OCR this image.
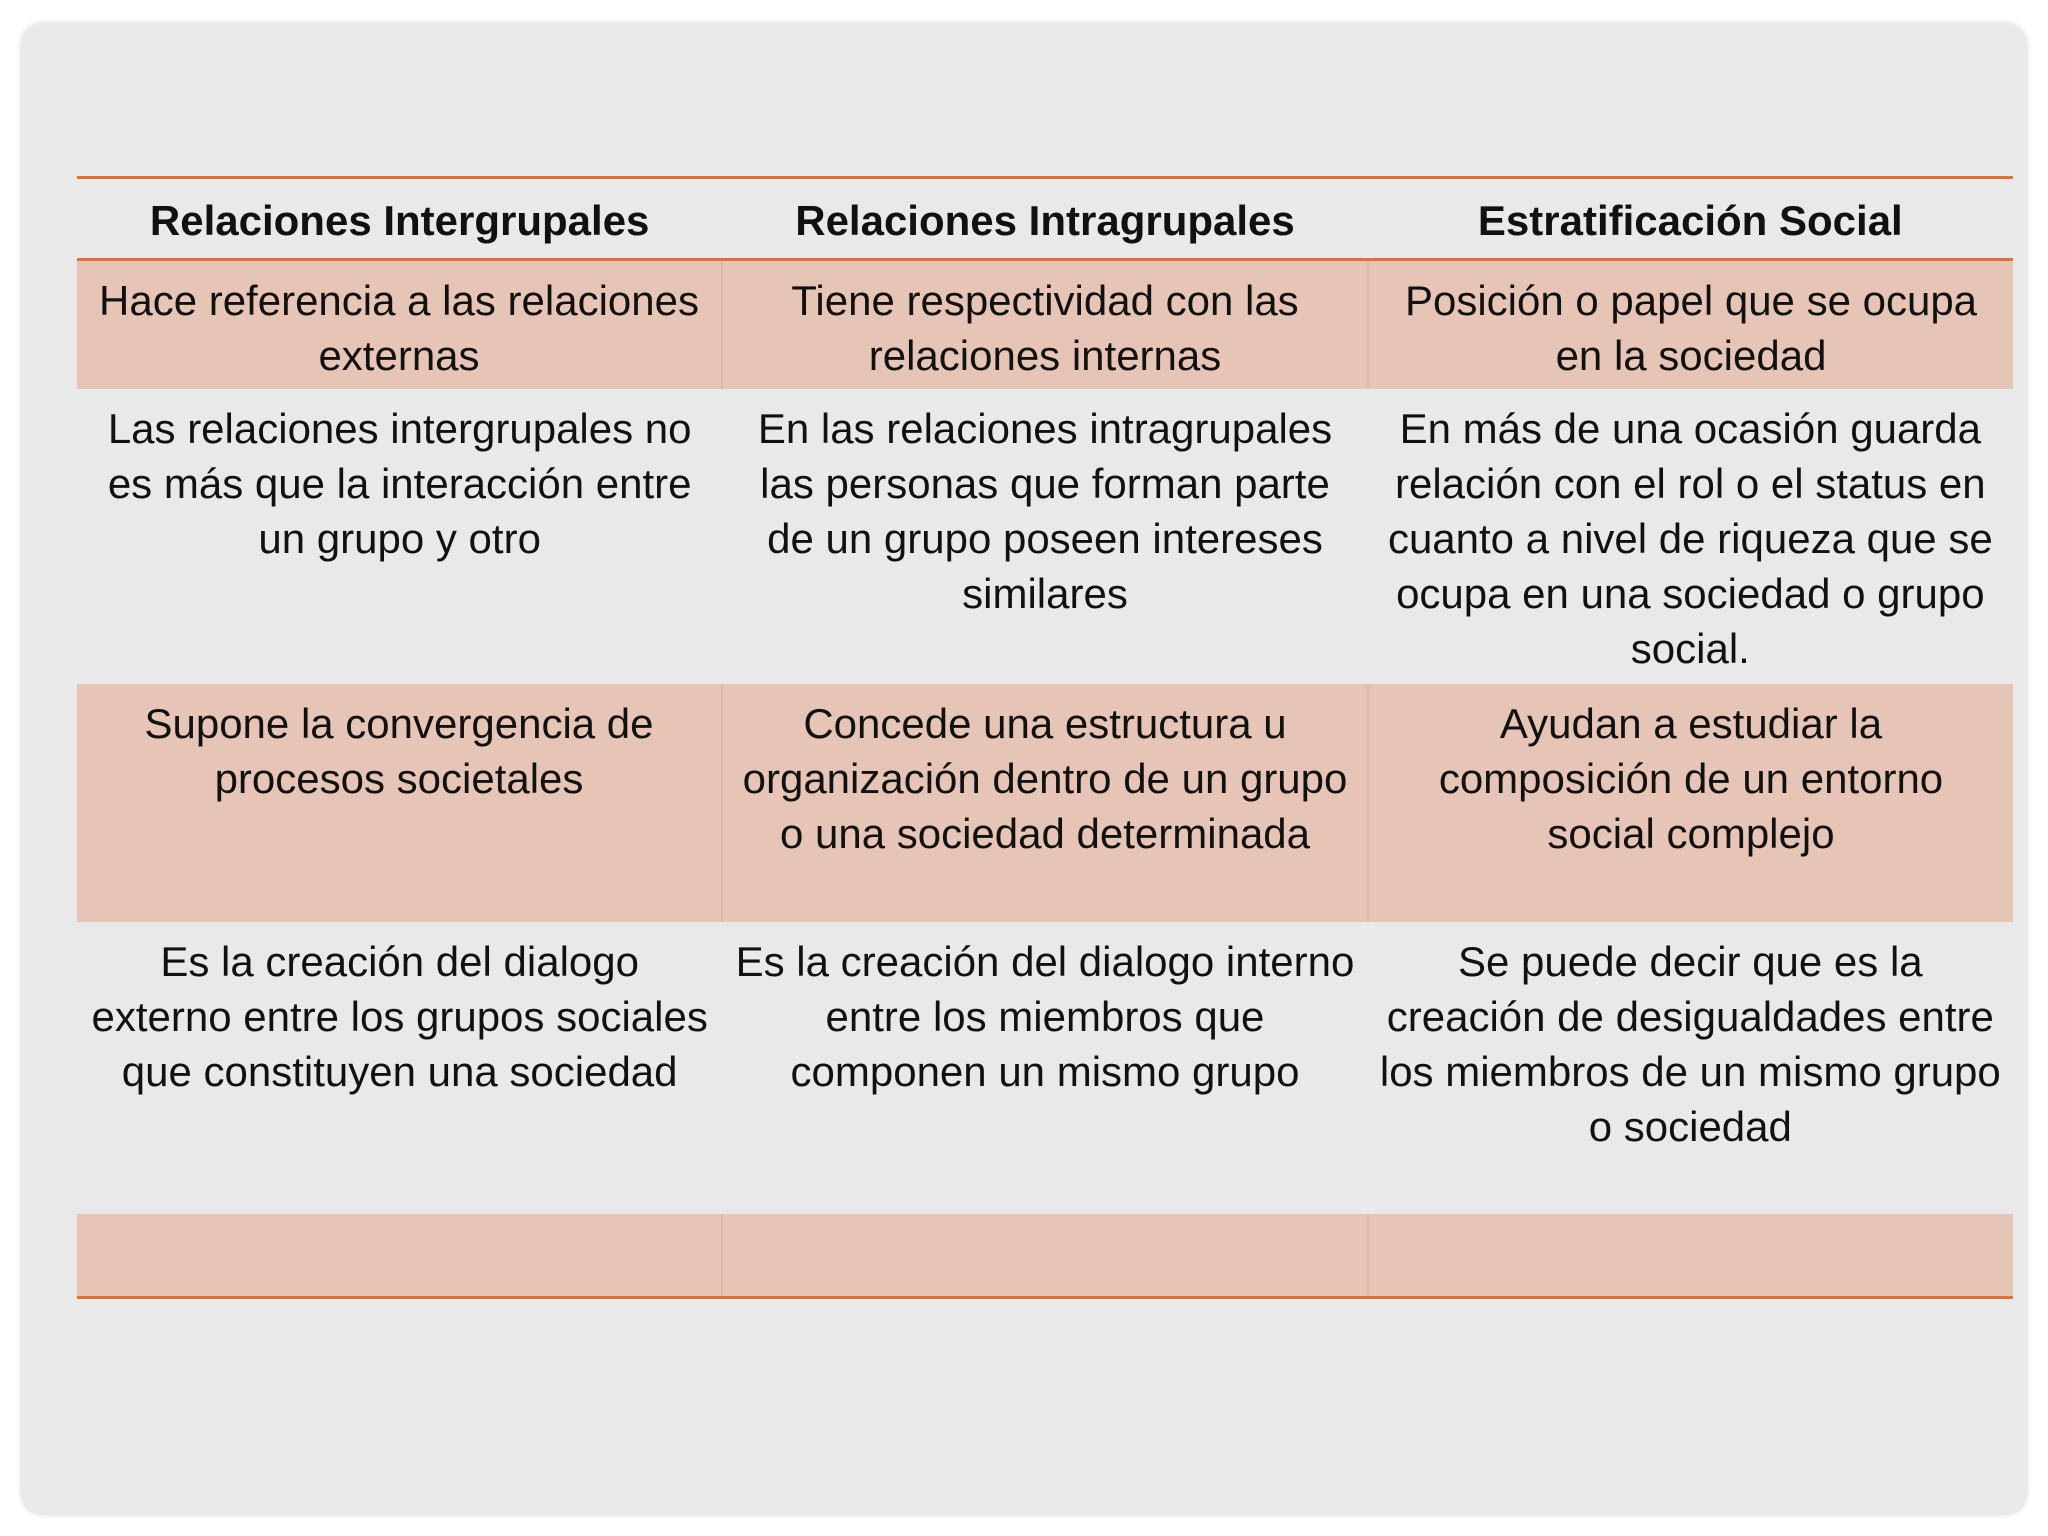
Relaciones Intergrupales	Relaciones Intragrupales	Estratificación Social
Hace referencia a las relaciones externas
Tiene respectividad con las relaciones internas
Posición o papel que se ocupa en la sociedad
Las relaciones intergrupales no es más que la interacción entre un grupo y otro
En las relaciones intragrupales las personas que forman parte de un grupo poseen intereses similares
En más de una ocasión guarda relación con el rol o el status en cuanto a nivel de riqueza que se ocupa en una sociedad o grupo social.
Supone la convergencia de procesos societales
Concede una estructura u organización dentro de un grupo o una sociedad determinada
Ayudan a estudiar la composición de un entorno social complejo
Es la creación del dialogo externo entre los grupos sociales que constituyen una sociedad
Es la creación del dialogo interno entre los miembros que componen un mismo grupo
Se puede decir que es la creación de desigualdades entre los miembros de un mismo grupo o sociedad
